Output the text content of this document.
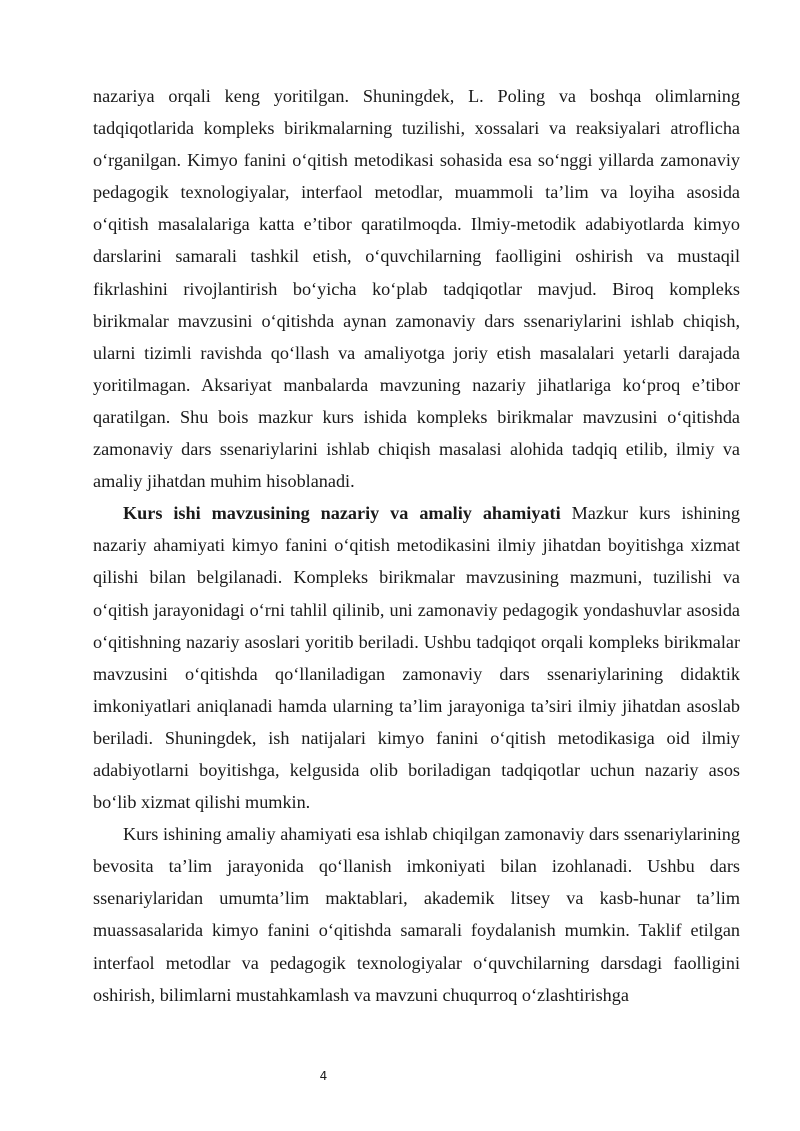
nazariya orqali keng yoritilgan. Shuningdek, L. Poling va boshqa olimlarning tadqiqotlarida kompleks birikmalarning tuzilishi, xossalari va reaksiyalari atroflicha o‘rganilgan. Kimyo fanini o‘qitish metodikasi sohasida esa so‘nggi yillarda zamonaviy pedagogik texnologiyalar, interfaol metodlar, muammoli ta’lim va loyiha asosida o‘qitish masalalariga katta e’tibor qaratilmoqda. Ilmiy-metodik adabiyotlarda kimyo darslarini samarali tashkil etish, o‘quvchilarning faolligini oshirish va mustaqil fikrlashini rivojlantirish bo‘yicha ko‘plab tadqiqotlar mavjud. Biroq kompleks birikmalar mavzusini o‘qitishda aynan zamonaviy dars ssenariylarini ishlab chiqish, ularni tizimli ravishda qo‘llash va amaliyotga joriy etish masalalari yetarli darajada yoritilmagan. Aksariyat manbalarda mavzuning nazariy jihatlariga ko‘proq e’tibor qaratilgan. Shu bois mazkur kurs ishida kompleks birikmalar mavzusini o‘qitishda zamonaviy dars ssenariylarini ishlab chiqish masalasi alohida tadqiq etilib, ilmiy va amaliy jihatdan muhim hisoblanadi.

Kurs ishi mavzusining nazariy va amaliy ahamiyati Mazkur kurs ishining nazariy ahamiyati kimyo fanini o‘qitish metodikasini ilmiy jihatdan boyitishga xizmat qilishi bilan belgilanadi. Kompleks birikmalar mavzusining mazmuni, tuzilishi va o‘qitish jarayonidagi o‘rni tahlil qilinib, uni zamonaviy pedagogik yondashuvlar asosida o‘qitishning nazariy asoslari yoritib beriladi. Ushbu tadqiqot orqali kompleks birikmalar mavzusini o‘qitishda qo‘llaniladigan zamonaviy dars ssenariylarining didaktik imkoniyatlari aniqlanadi hamda ularning ta’lim jarayoniga ta’siri ilmiy jihatdan asoslab beriladi. Shuningdek, ish natijalari kimyo fanini o‘qitish metodikasiga oid ilmiy adabiyotlarni boyitishga, kelgusida olib boriladigan tadqiqotlar uchun nazariy asos bo‘lib xizmat qilishi mumkin.

Kurs ishining amaliy ahamiyati esa ishlab chiqilgan zamonaviy dars ssenariylarining bevosita ta’lim jarayonida qo‘llanish imkoniyati bilan izohlanadi. Ushbu dars ssenariylaridan umumta’lim maktablari, akademik litsey va kasb-hunar ta’lim muassasalarida kimyo fanini o‘qitishda samarali foydalanish mumkin. Taklif etilgan interfaol metodlar va pedagogik texnologiyalar o‘quvchilarning darsdagi faolligini oshirish, bilimlarni mustahkamlash va mavzuni chuqurroq o‘zlashtirishga

4
